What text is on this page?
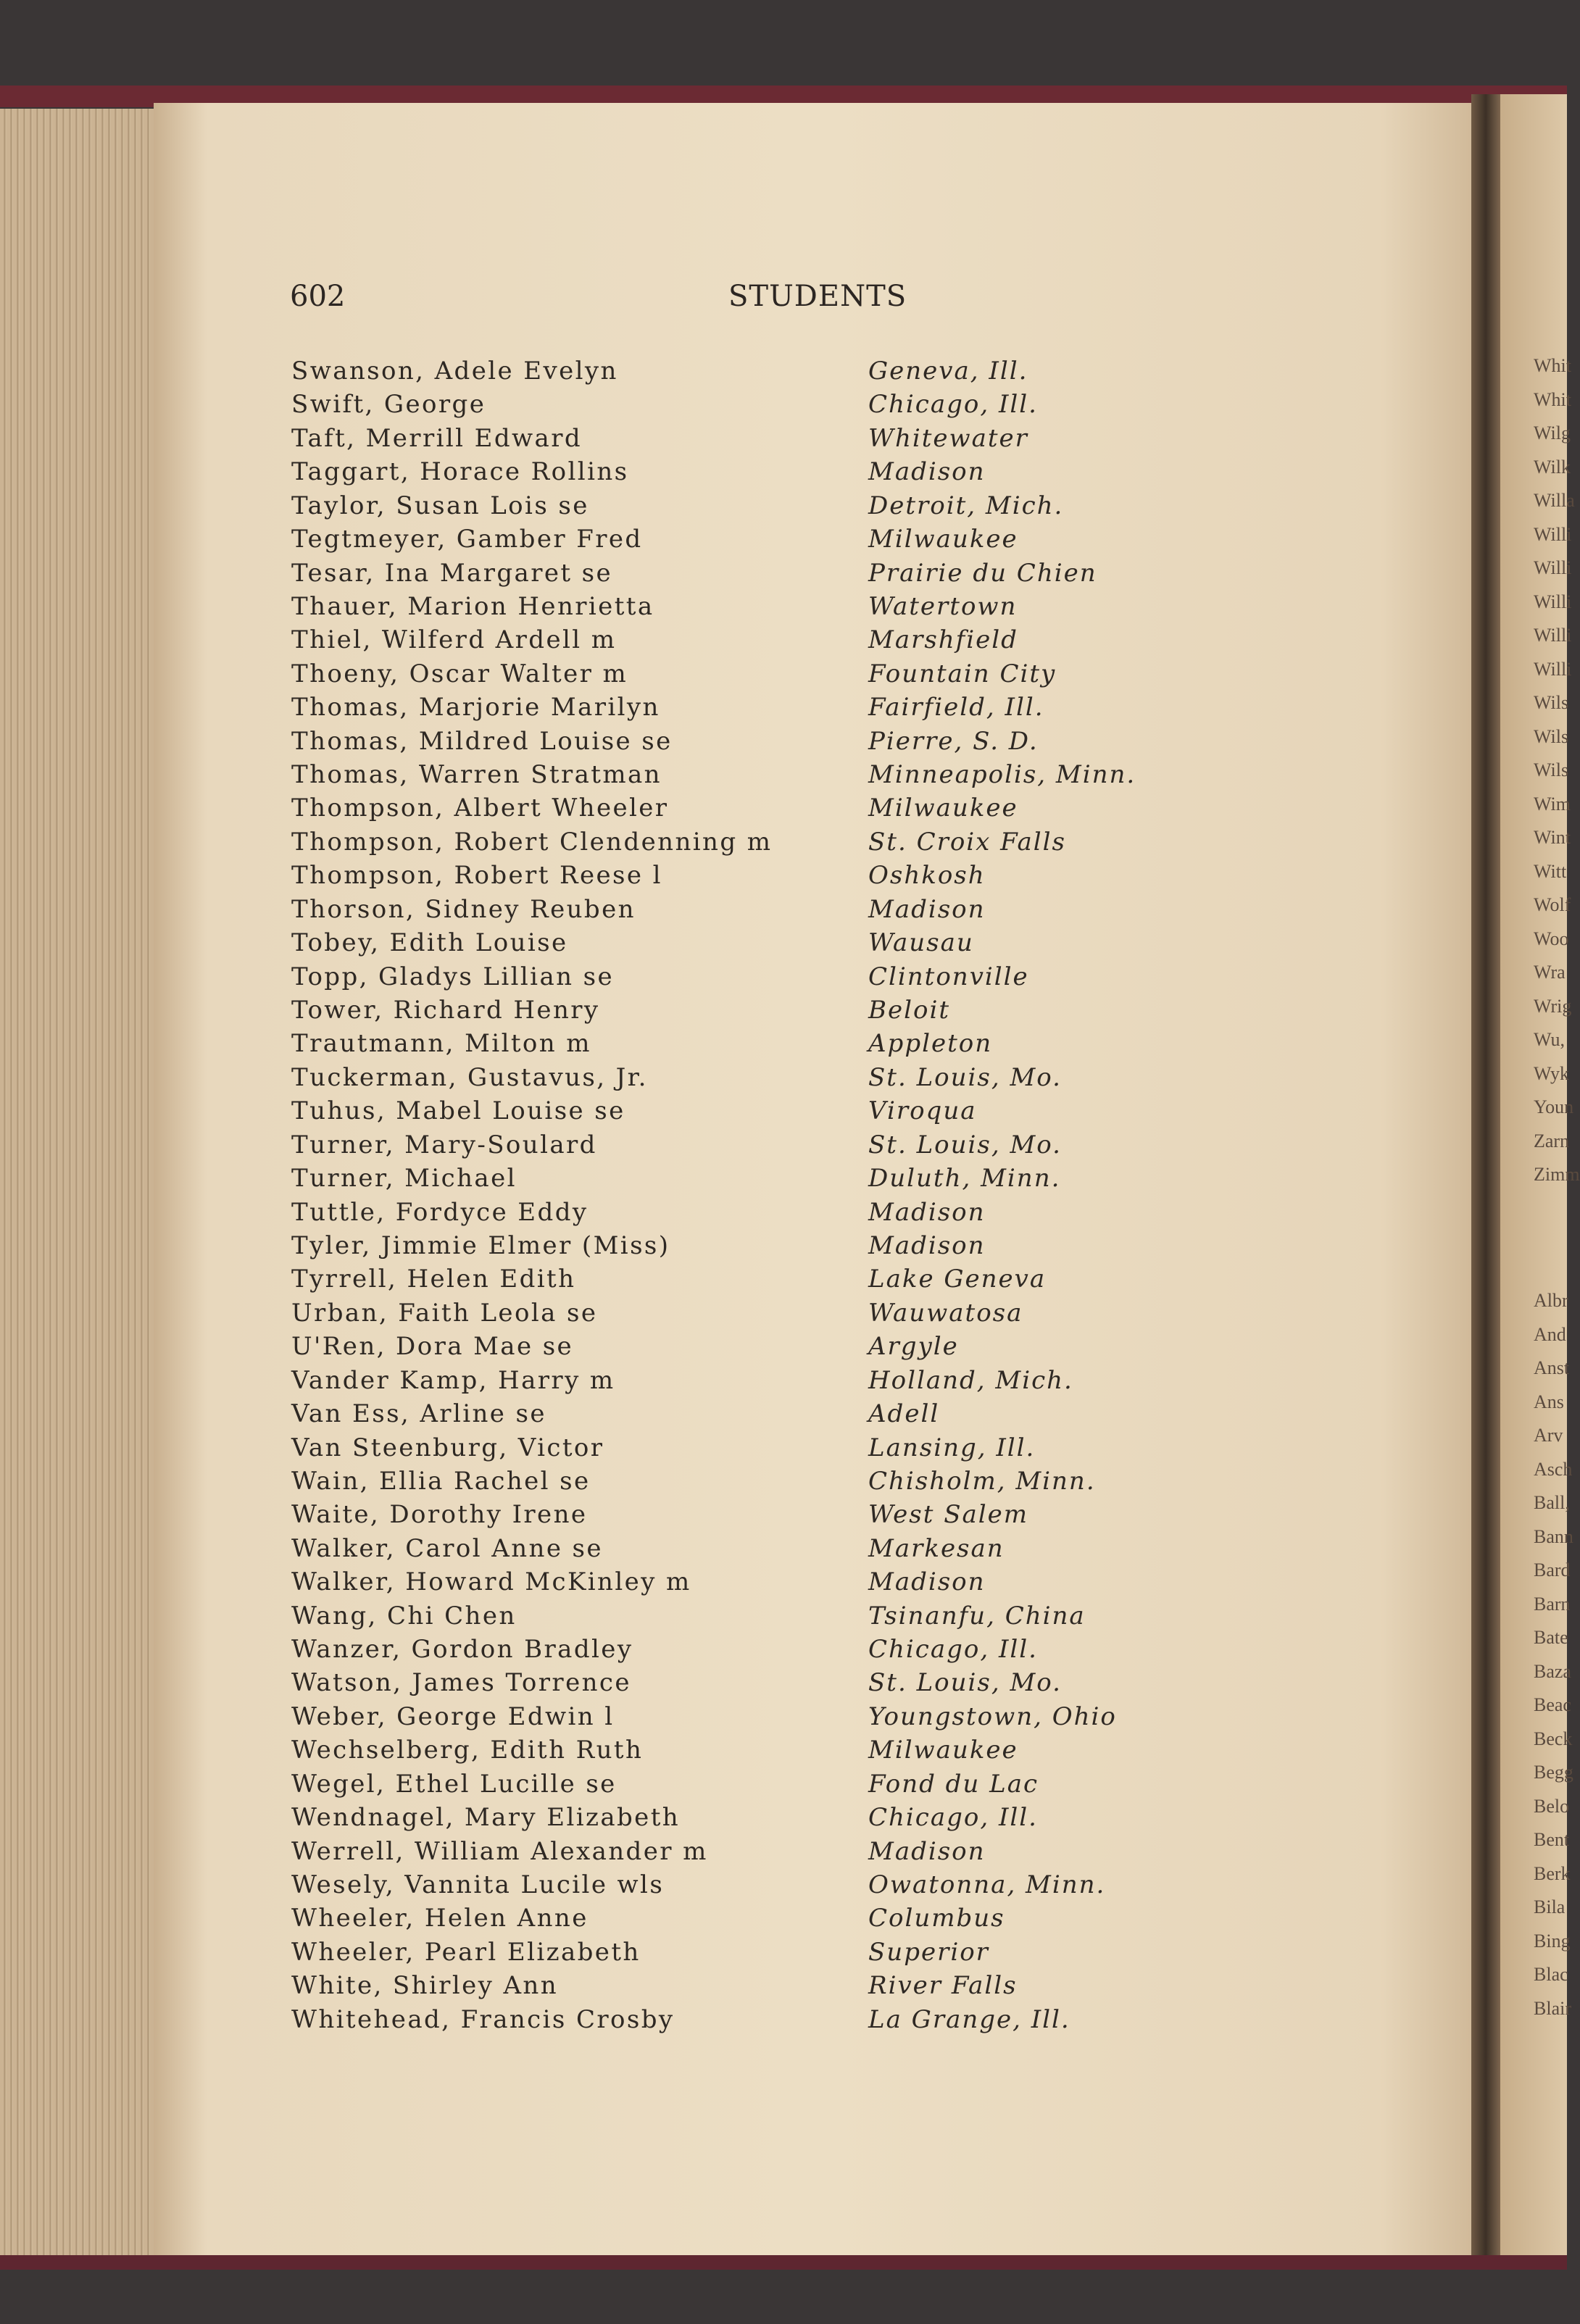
Whit
Whit
Wilg
Wilk
Willa
Willi
Willi
Willi
Willi
Willi
Wils
Wils
Wils
Wim
Wint
Witt
Wolf
Woo
Wra
Wrig
Wu,
Wyk
Youn
Zarn
Zimm
Albr
And
Anst
Ans
Arv
Asch
Ball,
Bann
Bard
Barn
Bate
Baza
Beac
Beck
Begg
Belo
Bent
Berk
Bila
Bing
Blac
Blair
602	STUDENTS
Swanson, Adele Evelyn	Geneva, Ill.
Swift, George	Chicago, Ill.
Taft, Merrill Edward	Whitewater
Taggart, Horace Rollins	Madison
Taylor, Susan Lois se	Detroit, Mich.
Tegtmeyer, Gamber Fred	Milwaukee
Tesar, Ina Margaret se	Prairie du Chien
Thauer, Marion Henrietta	Watertown
Thiel, Wilferd Ardell m	Marshfield
Thoeny, Oscar Walter m	Fountain City
Thomas, Marjorie Marilyn	Fairfield, Ill.
Thomas, Mildred Louise se	Pierre, S. D.
Thomas, Warren Stratman	Minneapolis, Minn.
Thompson, Albert Wheeler	Milwaukee
Thompson, Robert Clendenning m	St. Croix Falls
Thompson, Robert Reese l	Oshkosh
Thorson, Sidney Reuben	Madison
Tobey, Edith Louise	Wausau
Topp, Gladys Lillian se	Clintonville
Tower, Richard Henry	Beloit
Trautmann, Milton m	Appleton
Tuckerman, Gustavus, Jr.	St. Louis, Mo.
Tuhus, Mabel Louise se	Viroqua
Turner, Mary-Soulard	St. Louis, Mo.
Turner, Michael	Duluth, Minn.
Tuttle, Fordyce Eddy	Madison
Tyler, Jimmie Elmer (Miss)	Madison
Tyrrell, Helen Edith	Lake Geneva
Urban, Faith Leola se	Wauwatosa
U'Ren, Dora Mae se	Argyle
Vander Kamp, Harry m	Holland, Mich.
Van Ess, Arline se	Adell
Van Steenburg, Victor	Lansing, Ill.
Wain, Ellia Rachel se	Chisholm, Minn.
Waite, Dorothy Irene	West Salem
Walker, Carol Anne se	Markesan
Walker, Howard McKinley m	Madison
Wang, Chi Chen	Tsinanfu, China
Wanzer, Gordon Bradley	Chicago, Ill.
Watson, James Torrence	St. Louis, Mo.
Weber, George Edwin l	Youngstown, Ohio
Wechselberg, Edith Ruth	Milwaukee
Wegel, Ethel Lucille se	Fond du Lac
Wendnagel, Mary Elizabeth	Chicago, Ill.
Werrell, William Alexander m	Madison
Wesely, Vannita Lucile wls	Owatonna, Minn.
Wheeler, Helen Anne	Columbus
Wheeler, Pearl Elizabeth	Superior
White, Shirley Ann	River Falls
Whitehead, Francis Crosby	La Grange, Ill.
